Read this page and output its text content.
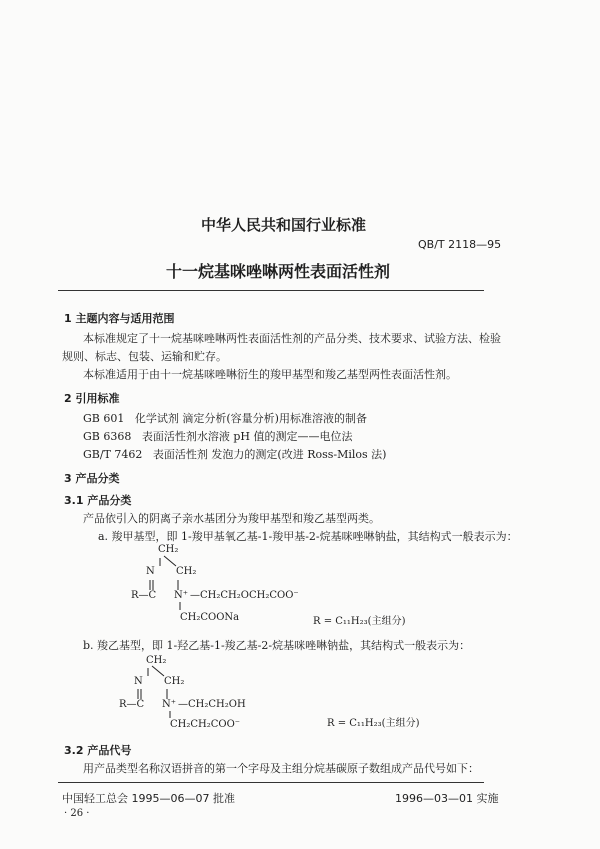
中华人民共和国行业标准
QB/T 2118—95
十一烷基咪唑啉两性表面活性剂
1 主题内容与适用范围
本标准规定了十一烷基咪唑啉两性表面活性剂的产品分类、技术要求、试验方法、检验
规则、标志、包装、运输和贮存。
本标准适用于由十一烷基咪唑啉衍生的羧甲基型和羧乙基型两性表面活性剂。
2 引用标准
GB 601 化学试剂 滴定分析(容量分析)用标准溶液的制备
GB 6368 表面活性剂水溶液 pH 值的测定——电位法
GB/T 7462 表面活性剂 发泡力的测定(改进 Ross-Milos 法)
3 产品分类
3.1 产品分类
产品依引入的阴离子亲水基团分为羧甲基型和羧乙基型两类。
a. 羧甲基型，即 1-羧甲基氧乙基-1-羧甲基-2-烷基咪唑啉钠盐，其结构式一般表示为：
CH₂
N CH₂
R—C N⁺ —CH₂CH₂OCH₂COO⁻
CH₂COONa	R = C₁₁H₂₃(主组分)
b. 羧乙基型，即 1-羟乙基-1-羧乙基-2-烷基咪唑啉钠盐，其结构式一般表示为：
CH₂
N CH₂
R—C N⁺ —CH₂CH₂OH
CH₂CH₂COO⁻	R = C₁₁H₂₃(主组分)
3.2 产品代号
用产品类型名称汉语拼音的第一个字母及主组分烷基碳原子数组成产品代号如下：
中国轻工总会 1995—06—07 批准	1996—03—01 实施
· 26 ·
